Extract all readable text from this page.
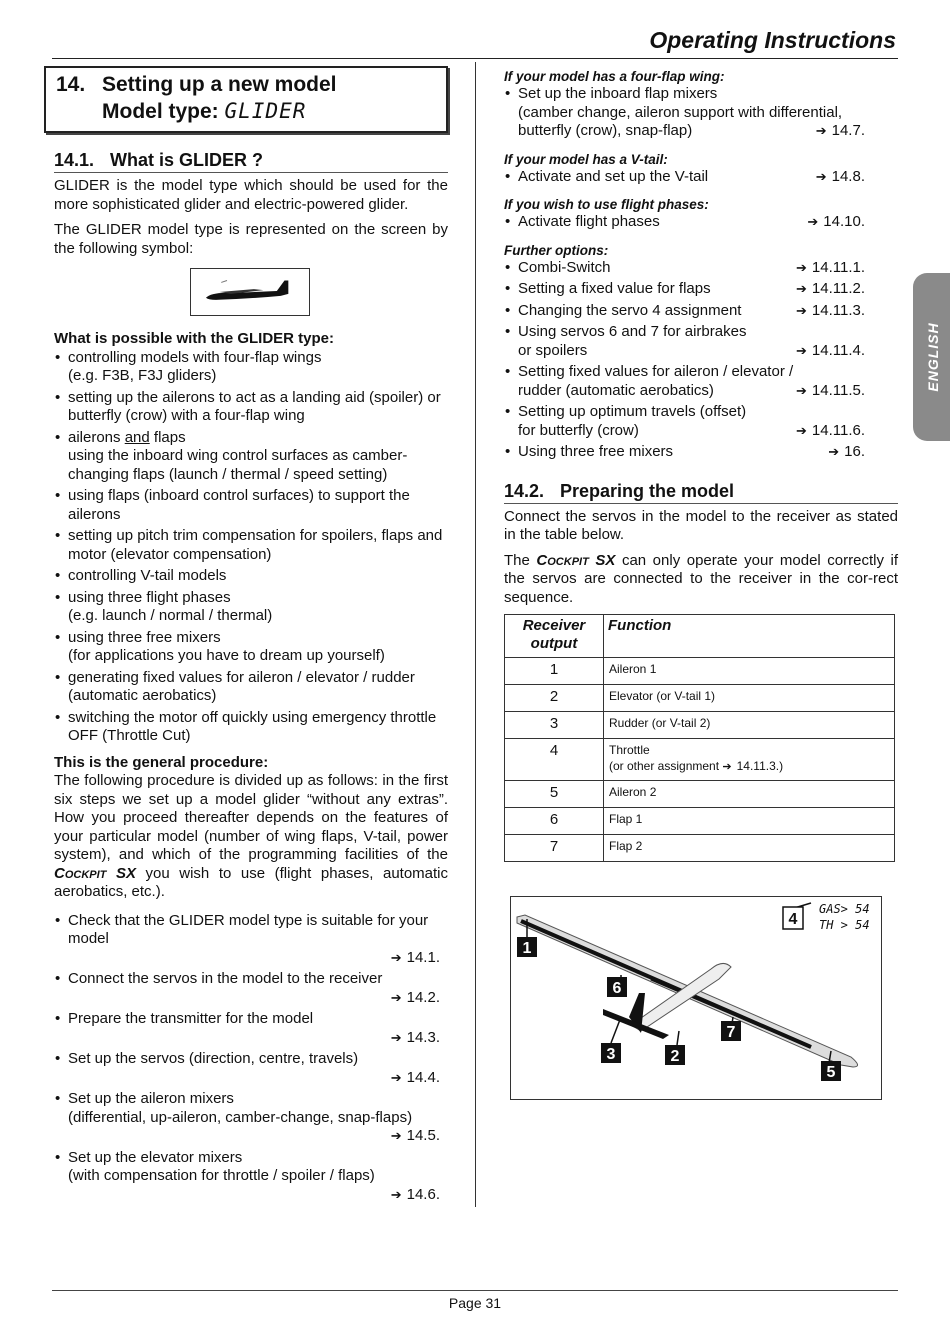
Operating Instructions
ENGLISH
14. Setting up a new model
Model type: GLIDER
14.1. What is GLIDER ?

GLIDER is the model type which should be used for the more sophisticated glider and electric-powered glider.

The GLIDER model type is represented on the screen by the following symbol:

What is possible with the GLIDER type:
• controlling models with four-flap wings
(e.g. F3B, F3J gliders)
• setting up the ailerons to act as a landing aid (spoiler) or butterfly (crow) with a four-flap wing
• ailerons and flaps
using the inboard wing control surfaces as camber-changing flaps (launch / thermal / speed setting)
• using flaps (inboard control surfaces) to support the ailerons
• setting up pitch trim compensation for spoilers, flaps and motor (elevator compensation)
• controlling V-tail models
• using three flight phases
(e.g. launch / normal / thermal)
• using three free mixers
(for applications you have to dream up yourself)
• generating fixed values for aileron / elevator / rudder (automatic aerobatics)
• switching the motor off quickly using emergency throttle OFF (Throttle Cut)
This is the general procedure:

The following procedure is divided up as follows: in the first six steps we set up a model glider “without any extras”. How you proceed thereafter depends on the features of your particular model (number of wing flaps, V-tail, power system), and which of the programming facilities of the Cockpit SX you wish to use (flight phases, automatic aerobatics, etc.).

• Check that the GLIDER model type is suitable for your model
➔ 14.1.
• Connect the servos in the model to the receiver
➔ 14.2.
• Prepare the transmitter for the model
➔ 14.3.
• Set up the servos (direction, centre, travels)
➔ 14.4.
• Set up the aileron mixers
(differential, up-aileron, camber-change, snap-flaps)
➔ 14.5.
• Set up the elevator mixers
(with compensation for throttle / spoiler / flaps)
➔ 14.6.
If your model has a four-flap wing:
• Set up the inboard flap mixers
(camber change, aileron support with differential,
butterfly (crow), snap-flap)	➔ 14.7.
If your model has a V-tail:
• Activate and set up the V-tail	➔ 14.8.
If you wish to use flight phases:
• Activate flight phases	➔ 14.10.
Further options:
• Combi-Switch	➔ 14.11.1.
• Setting a fixed value for flaps	➔ 14.11.2.
• Changing the servo 4 assignment	➔ 14.11.3.
• Using servos 6 and 7 for airbrakes
or spoilers	➔ 14.11.4.
• Setting fixed values for aileron / elevator /
rudder (automatic aerobatics)	➔ 14.11.5.
• Setting up optimum travels (offset)
for butterfly (crow)	➔ 14.11.6.
• Using three free mixers	➔ 16.
14.2. Preparing the model

Connect the servos in the model to the receiver as stated in the table below.

The Cockpit SX can only operate your model correctly if the servos are connected to the receiver in the cor-rect sequence.

Receiver
output	Function
1	Aileron 1
2	Elevator (or V-tail 1)
3	Rudder (or V-tail 2)
4	Throttle
(or other assignment ➔ 14.11.3.)

5	Aileron 2
6	Flap 1
7	Flap 2
1
6
3	2
7
5
4
GAS> 54
TH > 54
Page 31
